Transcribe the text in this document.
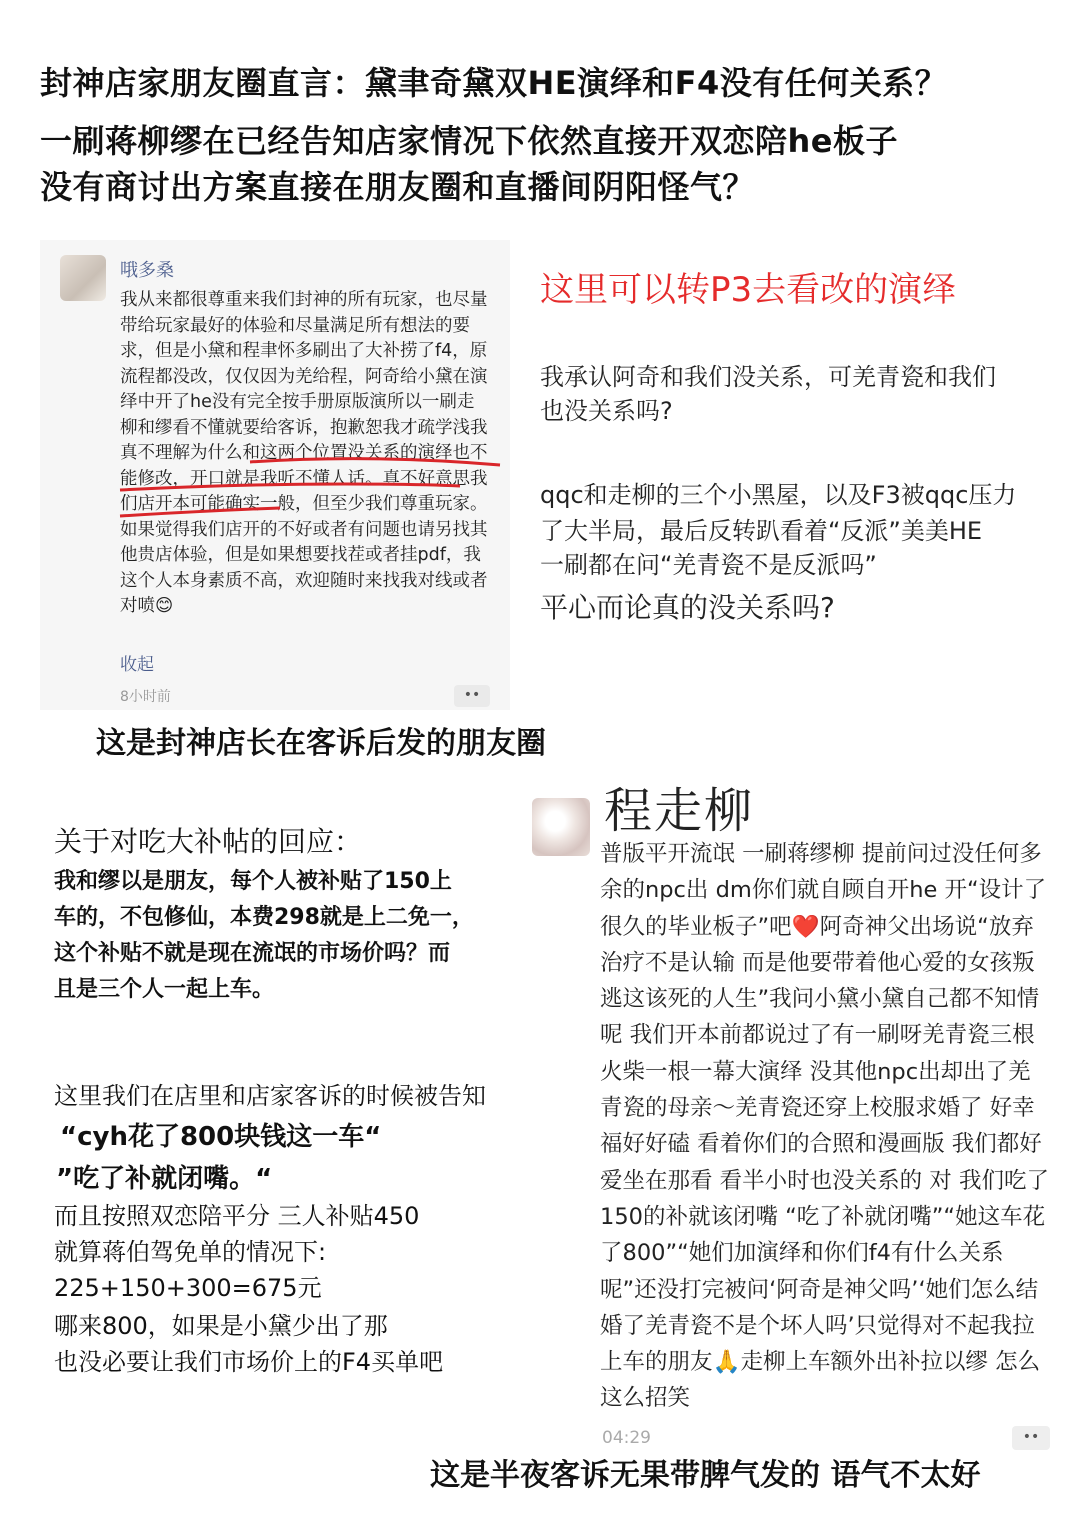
封神店家朋友圈直言：黛聿奇黛双HE演绎和F4没有任何关系？
一刷蒋柳缪在已经告知店家情况下依然直接开双恋陪he板子
没有商讨出方案直接在朋友圈和直播间阴阳怪气？
哦多桑
我从来都很尊重来我们封神的所有玩家，也尽量带给玩家最好的体验和尽量满足所有想法的要求，但是小黛和程聿怀多刷出了大补捞了f4，原流程都没改，仅仅因为羌给程，阿奇给小黛在演绎中开了he没有完全按手册原版演所以一刷走柳和缪看不懂就要给客诉，抱歉恕我才疏学浅我真不理解为什么和这两个位置没关系的演绎也不能修改，开口就是我听不懂人话。真不好意思我们店开本可能确实一般，但至少我们尊重玩家。如果觉得我们店开的不好或者有问题也请另找其他贵店体验，但是如果想要找茬或者挂pdf，我这个人本身素质不高，欢迎随时来找我对线或者对喷😊
收起
8小时前	••
这是封神店长在客诉后发的朋友圈
这里可以转P3去看改的演绎
我承认阿奇和我们没关系，可羌青瓷和我们
也没关系吗?
qqc和走柳的三个小黑屋，以及F3被qqc压力
了大半局，最后反转趴看着“反派”美美HE
一刷都在问“羌青瓷不是反派吗”
平心而论真的没关系吗?
程走柳
普版平开流氓 一刷蒋缪柳 提前问过没任何多余的npc出 dm你们就自顾自开he 开“设计了很久的毕业板子”吧❤️阿奇神父出场说“放弃治疗不是认输 而是他要带着他心爱的女孩叛逃这该死的人生”我问小黛小黛自己都不知情呢 我们开本前都说过了有一刷呀羌青瓷三根火柴一根一幕大演绎 没其他npc出却出了羌青瓷的母亲～羌青瓷还穿上校服求婚了 好幸福好好磕 看着你们的合照和漫画版 我们都好爱坐在那看 看半小时也没关系的 对 我们吃了150的补就该闭嘴 “吃了补就闭嘴”“她这车花了800”“她们加演绎和你们f4有什么关系呢”还没打完被问‘阿奇是神父吗’‘她们怎么结婚了羌青瓷不是个坏人吗’只觉得对不起我拉上车的朋友🙏走柳上车额外出补拉以缪 怎么这么招笑
04:29	••
关于对吃大补帖的回应：
我和缪以是朋友，每个人被补贴了150上
车的，不包修仙，本费298就是上二免一，
这个补贴不就是现在流氓的市场价吗？而
且是三个人一起上车。
这里我们在店里和店家客诉的时候被告知
“cyh花了800块钱这一车“
”吃了补就闭嘴。“
而且按照双恋陪平分 三人补贴450
就算蒋伯驾免单的情况下:
225+150+300=675元
哪来800，如果是小黛少出了那
也没必要让我们市场价上的F4买单吧
这是半夜客诉无果带脾气发的 语气不太好
